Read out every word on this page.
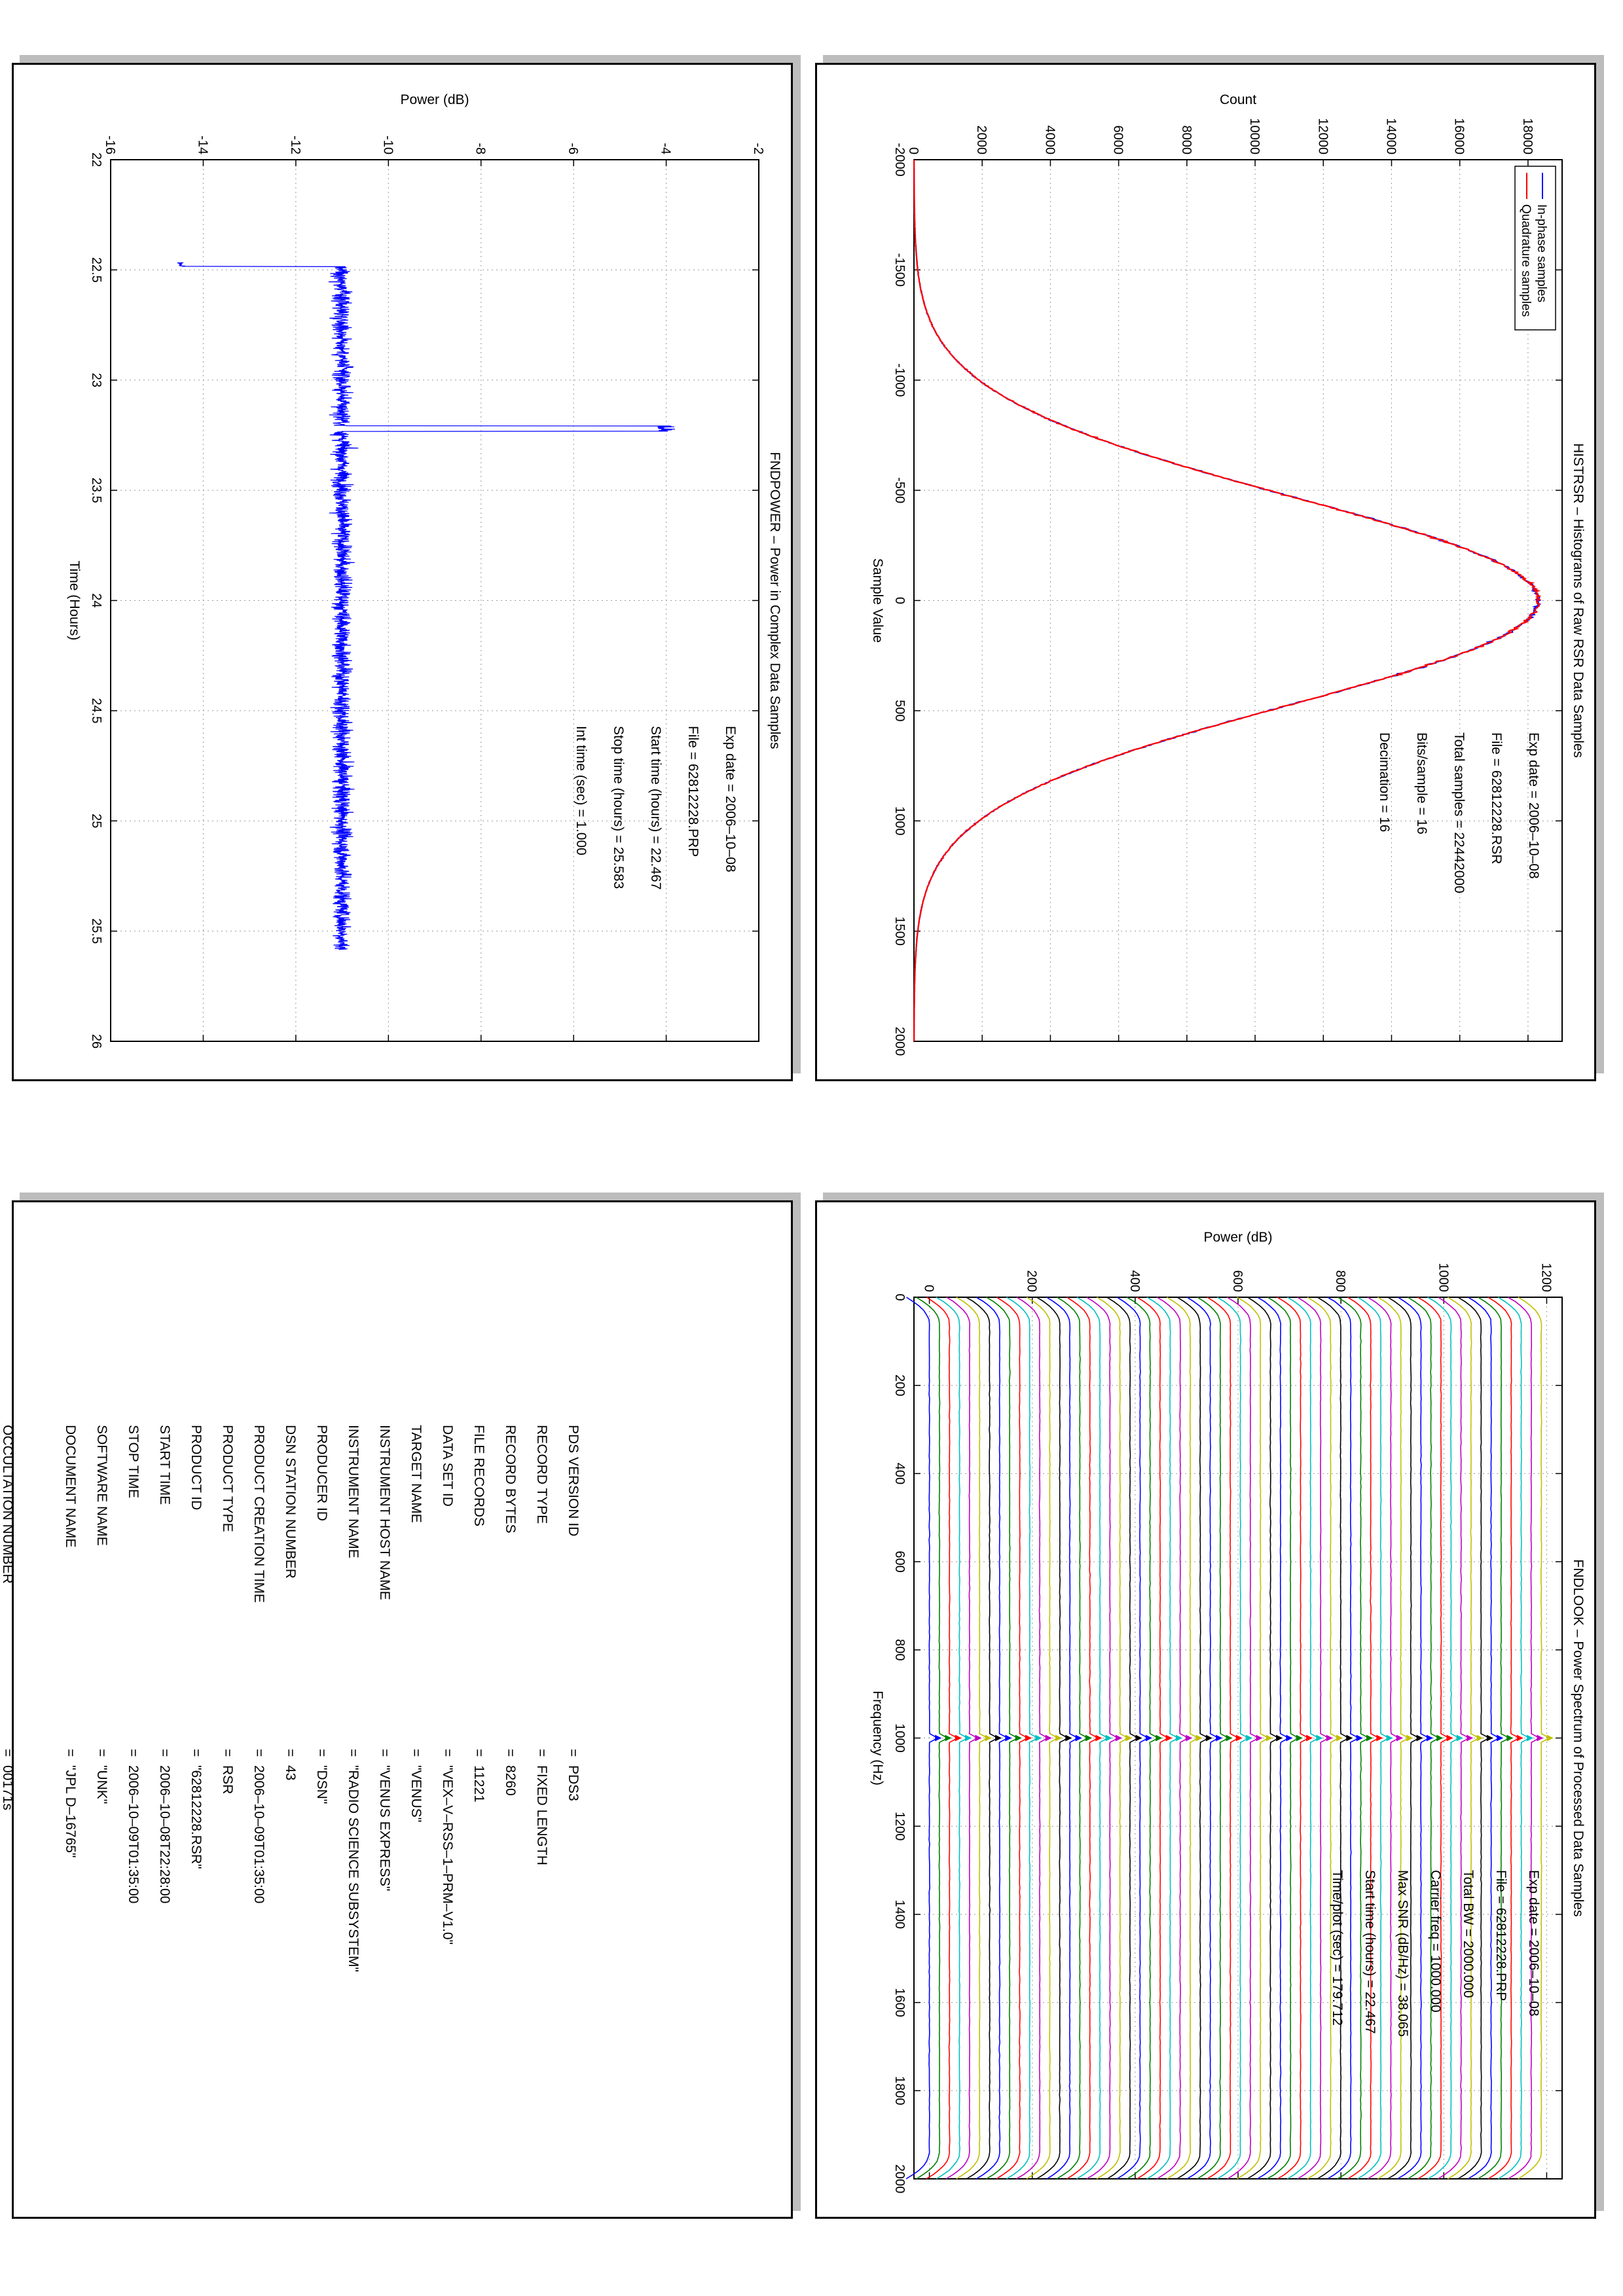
-2000
-1500
-1000
-500
0
500
1000
1500
2000
0	2000	4000	6000	8000	10000	12000	14000	16000	18000
HISTRSR – Histograms of Raw RSR Data Samples
Sample Value
Count
In-phase samples
Quadrature samples
Exp date = 2006–10–08
File = 62812228.RSR
Total samples = 22442000
Bits/sample = 16
Decimation = 16
22
22.5
23
23.5
24
24.5
25
25.5
26
-16	-14	-12	-10	-8	-6	-4	-2
FNDPOWER – Power in Complex Data Samples
Time (Hours)
Power (dB)
Exp date = 2006–10–08
File = 62812228.PRP
Start time (hours) = 22.467
Stop time (hours) = 25.583
Int time (sec) = 1.000
0
200
400
600
800
1000
1200
1400
1600
1800
2000
0	200	400	600	800	1000	1200
FNDLOOK – Power Spectrum of Processed Data Samples
Frequency (Hz)
Power (dB)
Exp date = 2006–10–08
File = 62812228.PRP
Total BW = 2000.000
Carrier freq = 1000.000
Max SNR (dB/Hz) = 38.065
Start time (hours) = 22.467
Time/plot (sec) = 179.712
PDS VERSION ID
=
PDS3
RECORD TYPE
=
FIXED LENGTH
RECORD BYTES
=
8260
FILE RECORDS
=
11221
DATA SET ID
=
"VEX–V–RSS–1–PRM–V1.0"
TARGET NAME
=
"VENUS"
INSTRUMENT HOST NAME
=
"VENUS EXPRESS"
INSTRUMENT NAME
=
"RADIO SCIENCE SUBSYSTEM"
PRODUCER ID
=
"DSN"
DSN STATION NUMBER
=
43
PRODUCT CREATION TIME
=
2006–10–09T01:35:00
PRODUCT TYPE
=
RSR
PRODUCT ID
=
"62812228.RSR"
START TIME
=
2006–10–08T22:28:00
STOP TIME
=
2006–10–09T01:35:00
SOFTWARE NAME
=
"UNK"
DOCUMENT NAME
=
"JPL D–16765"
OCCULTATION NUMBER
=
00171s
